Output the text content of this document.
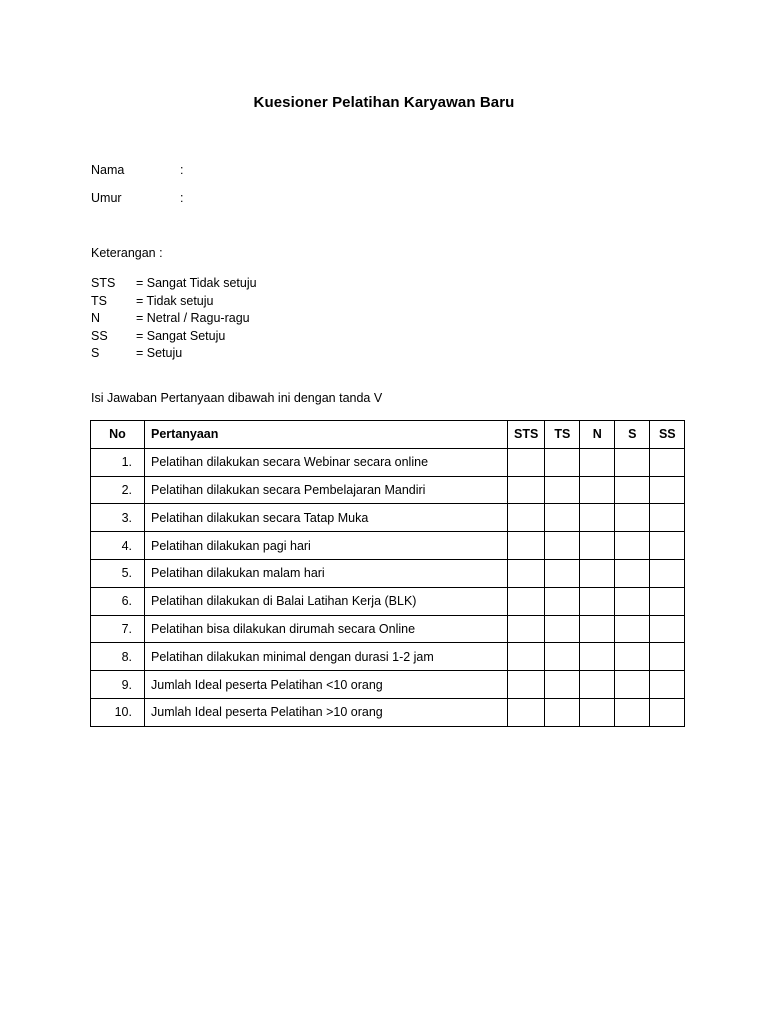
Kuesioner Pelatihan Karyawan Baru
Nama	:
Umur	:
Keterangan :
STS = Sangat Tidak setuju
TS = Tidak setuju
N	= Netral / Ragu-ragu
SS = Sangat Setuju
S	= Setuju
Isi Jawaban Pertanyaan dibawah ini dengan tanda V
No	Pertanyaan	STS	TS	N	S	SS
1.	Pelatihan dilakukan secara Webinar secara online					
2.	Pelatihan dilakukan secara Pembelajaran Mandiri					
3.	Pelatihan dilakukan secara Tatap Muka					
4.	Pelatihan dilakukan pagi hari					
5.	Pelatihan dilakukan malam hari					
6.	Pelatihan dilakukan di Balai Latihan Kerja (BLK)					
7.	Pelatihan bisa dilakukan dirumah secara Online					
8.	Pelatihan dilakukan minimal dengan durasi 1-2 jam					
9.	Jumlah Ideal peserta Pelatihan <10 orang					
10.	Jumlah Ideal peserta Pelatihan >10 orang					
